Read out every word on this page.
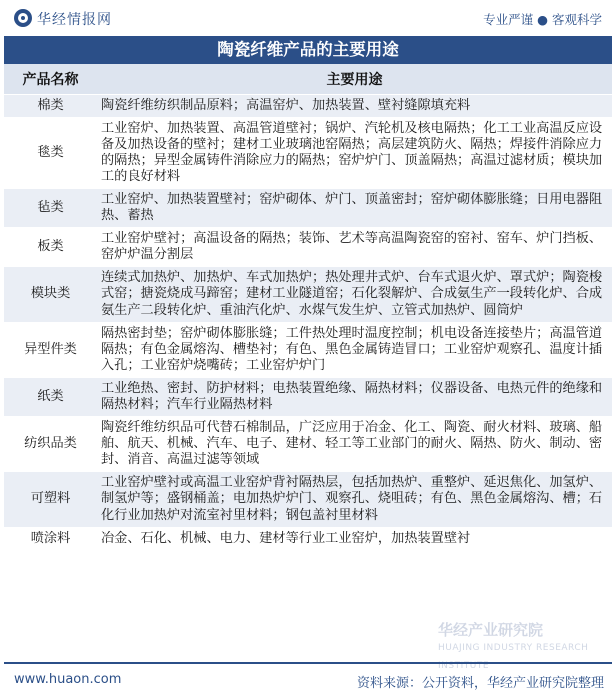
华经情报网	专业严谨 ● 客观科学
陶瓷纤维产品的主要用途
产品名称	主要用途
棉类	陶瓷纤维纺织制品原料；高温窑炉、加热装置、壁衬缝隙填充料
毯类	工业窑炉、加热装置、高温管道壁衬；锅炉、汽轮机及核电隔热；化工工业高温反应设备及加热设备的壁衬；建材工业玻璃池窑隔热；高层建筑防火、隔热；焊接件消除应力的隔热；异型金属铸件消除应力的隔热；窑炉炉门、顶盖隔热；高温过滤材质；模块加工的良好材料
毡类	工业窑炉、加热装置壁衬；窑炉砌体、炉门、顶盖密封；窑炉砌体膨胀缝；日用电器阻热、蓄热
板类	工业窑炉壁衬；高温设备的隔热；装饰、艺术等高温陶瓷窑的窑衬、窑车、炉门挡板、窑炉炉温分割层
模块类	连续式加热炉、加热炉、车式加热炉；热处理井式炉、台车式退火炉、罩式炉；陶瓷梭式窑；搪瓷烧成马蹄窑；建材工业隧道窑；石化裂解炉、合成氨生产一段转化炉、合成氨生产二段转化炉、重油汽化炉、水煤气发生炉、立管式加热炉、圆筒炉
异型件类	隔热密封垫；窑炉砌体膨胀缝；工件热处理时温度控制；机电设备连接垫片；高温管道隔热；有色金属熔沟、槽垫衬；有色、黑色金属铸造冒口；工业窑炉观察孔、温度计插入孔；工业窑炉烧嘴砖；工业窑炉炉门
纸类	工业绝热、密封、防护材料；电热装置绝缘、隔热材料；仪器设备、电热元件的绝缘和隔热材料；汽车行业隔热材料
纺织品类	陶瓷纤维纺织品可代替石棉制品，广泛应用于冶金、化工、陶瓷、耐火材料、玻璃、船舶、航天、机械、汽车、电子、建材、轻工等工业部门的耐火、隔热、防火、制动、密封、消音、高温过滤等领域
可塑料	工业窑炉壁衬或高温工业窑炉背衬隔热层，包括加热炉、重整炉、延迟焦化、加氢炉、制氢炉等；盛钢桶盖；电加热炉炉门、观察孔、烧咀砖；有色、黑色金属熔沟、槽；石化行业加热炉对流室衬里材料；钢包盖衬里材料
喷涂料	冶金、石化、机械、电力、建材等行业工业窑炉，加热装置壁衬
华经产业研究院
HUAJING INDUSTRY RESEARCH INSTITUTE
www.huaon.com	资料来源：公开资料，华经产业研究院整理
